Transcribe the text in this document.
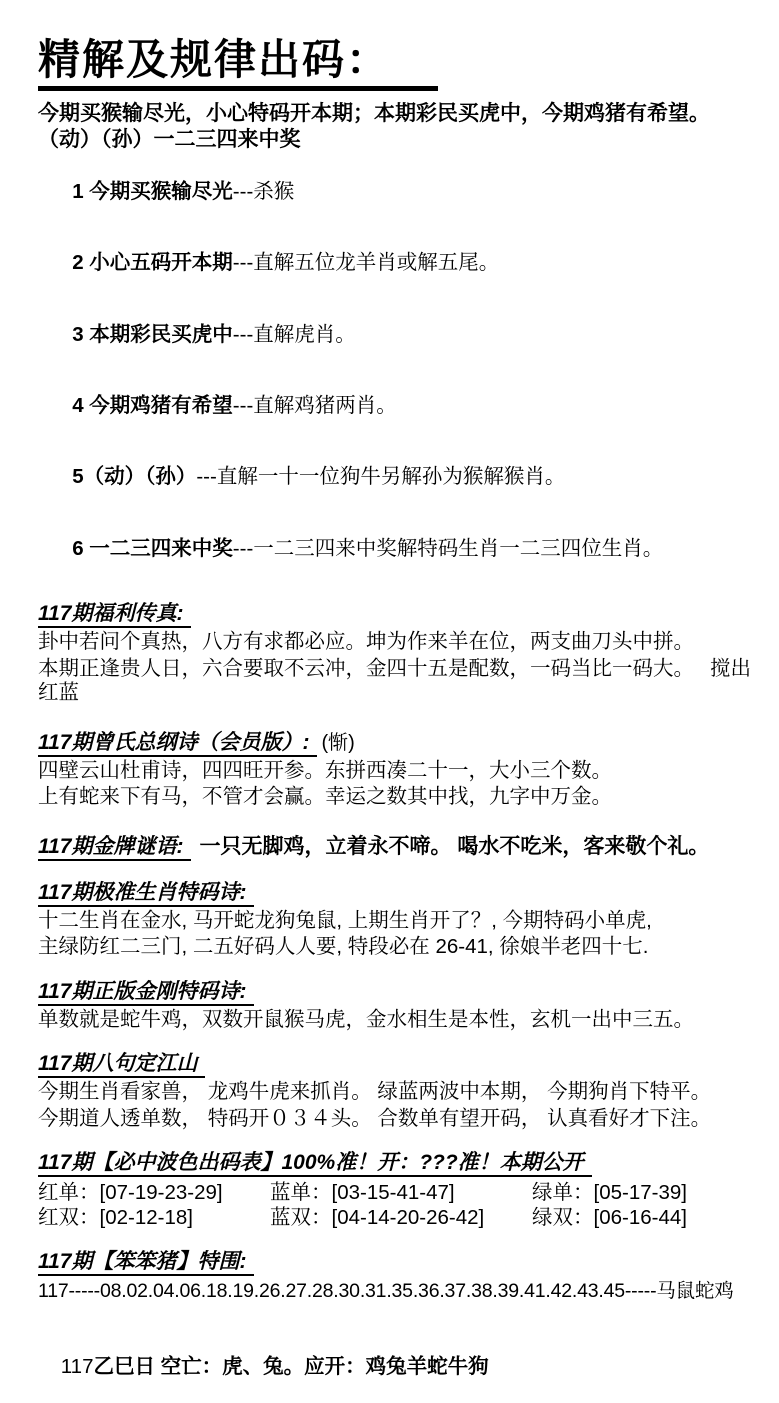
精解及规律出码：
今期买猴输尽光，小心特码开本期；本期彩民买虎中，今期鸡猪有希望。（动）（孙）一二三四来中奖

1 今期买猴输尽光---杀猴

2 小心五码开本期---直解五位龙羊肖或解五尾。

3 本期彩民买虎中---直解虎肖。

4 今期鸡猪有希望---直解鸡猪两肖。

5（动）（孙）---直解一十一位狗牛另解孙为猴解猴肖。

6 一二三四来中奖---一二三四来中奖解特码生肖一二三四位生肖。

117期福利传真:
卦中若问个真热，八方有求都必应。坤为作来羊在位，两支曲刀头中拼。
本期正逢贵人日，六合要取不云冲，金四十五是配数，一码当比一码大。　 搅出红蓝
117期曾氏总纲诗（会员版）: (惭)
四壁云山杜甫诗，四四旺开参。东拼西凑二十一，大小三个数。
上有蛇来下有马，不管才会赢。幸运之数其中找，九字中万金。
117期金牌谜语: 一只无脚鸡，立着永不啼。 喝水不吃米，客来敬个礼。
117期极准生肖特码诗:
十二生肖在金水, 马开蛇龙狗兔鼠, 上期生肖开了？, 今期特码小单虎,
主绿防红二三门, 二五好码人人要, 特段必在 26-41, 徐娘半老四十七.
117期正版金刚特码诗:
单数就是蛇牛鸡，双数开鼠猴马虎，金水相生是本性，玄机一出中三五。
117期八句定江山
今期生肖看家兽， 龙鸡牛虎来抓肖。 绿蓝两波中本期， 今期狗肖下特平。
今期道人透单数， 特码开０３４头。 合数单有望开码， 认真看好才下注。
117期【必中波色出码表】100%准！开：???准！本期公开
红单：[07-19-23-29]	蓝单：[03-15-41-47]	绿单：[05-17-39]
红双：[02-12-18]	蓝双：[04-14-20-26-42]	绿双：[06-16-44]
117期【笨笨猪】特围:
117-----08.02.04.06.18.19.26.27.28.30.31.35.36.37.38.39.41.42.43.45-----马鼠蛇鸡

117乙巳日 空亡：虎、兔。应开：鸡兔羊蛇牛狗
